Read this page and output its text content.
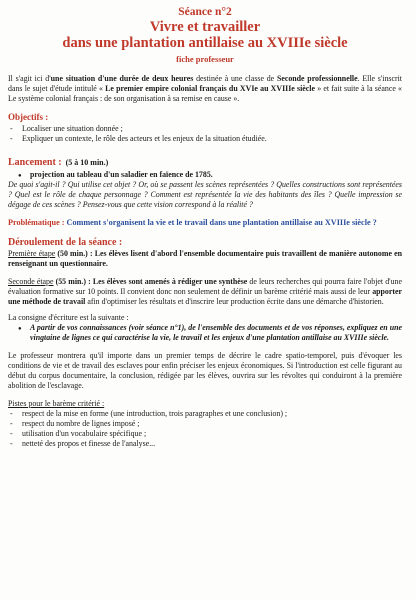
Séance n°2
Vivre et travailler
dans une plantation antillaise au XVIIIe siècle
fiche professeur

Il s'agit ici d'une situation d'une durée de deux heures destinée à une classe de Seconde professionnelle. Elle s'inscrit dans le sujet d'étude intitulé « Le premier empire colonial français du XVIe au XVIIIe siècle » et fait suite à la séance « Le système colonial français : de son organisation à sa remise en cause ».

Objectifs :
- Localiser une situation donnée ;
- Expliquer un contexte, le rôle des acteurs et les enjeux de la situation étudiée.
Lancement : (5 à 10 min.)
● projection au tableau d'un saladier en faïence de 1785.

De quoi s'agit-il ? Qui utilise cet objet ? Or, où se passent les scènes représentées ? Quelles constructions sont représentées ? Quel est le rôle de chaque personnage ? Comment est représentée la vie des habitants des îles ? Quelle impression se dégage de ces scènes ? Pensez-vous que cette vision correspond à la réalité ?

Problématique : Comment s'organisent la vie et le travail dans une plantation antillaise au XVIIIe siècle ?

Déroulement de la séance :

Première étape (50 min.) : Les élèves lisent d'abord l'ensemble documentaire puis travaillent de manière autonome en renseignant un questionnaire.

Seconde étape (55 min.) : Les élèves sont amenés à rédiger une synthèse de leurs recherches qui pourra faire l'objet d'une évaluation formative sur 10 points. Il convient donc non seulement de définir un barème critérié mais aussi de leur apporter une méthode de travail afin d'optimiser les résultats et d'inscrire leur production écrite dans une démarche d'historien.

La consigne d'écriture est la suivante :

● A partir de vos connaissances (voir séance n°1), de l'ensemble des documents et de vos réponses, expliquez en une vingtaine de lignes ce qui caractérise la vie, le travail et les enjeux d'une plantation antillaise au XVIIIe siècle.

Le professeur montrera qu'il importe dans un premier temps de décrire le cadre spatio-temporel, puis d'évoquer les conditions de vie et de travail des esclaves pour enfin préciser les enjeux économiques. Si l'introduction est celle figurant au début du corpus documentaire, la conclusion, rédigée par les élèves, ouvrira sur les révoltes qui conduiront à la première abolition de l'esclavage.

Pistes pour le barème critérié :

- respect de la mise en forme (une introduction, trois paragraphes et une conclusion) ;
- respect du nombre de lignes imposé ;
- utilisation d'un vocabulaire spécifique ;
- netteté des propos et finesse de l'analyse...
